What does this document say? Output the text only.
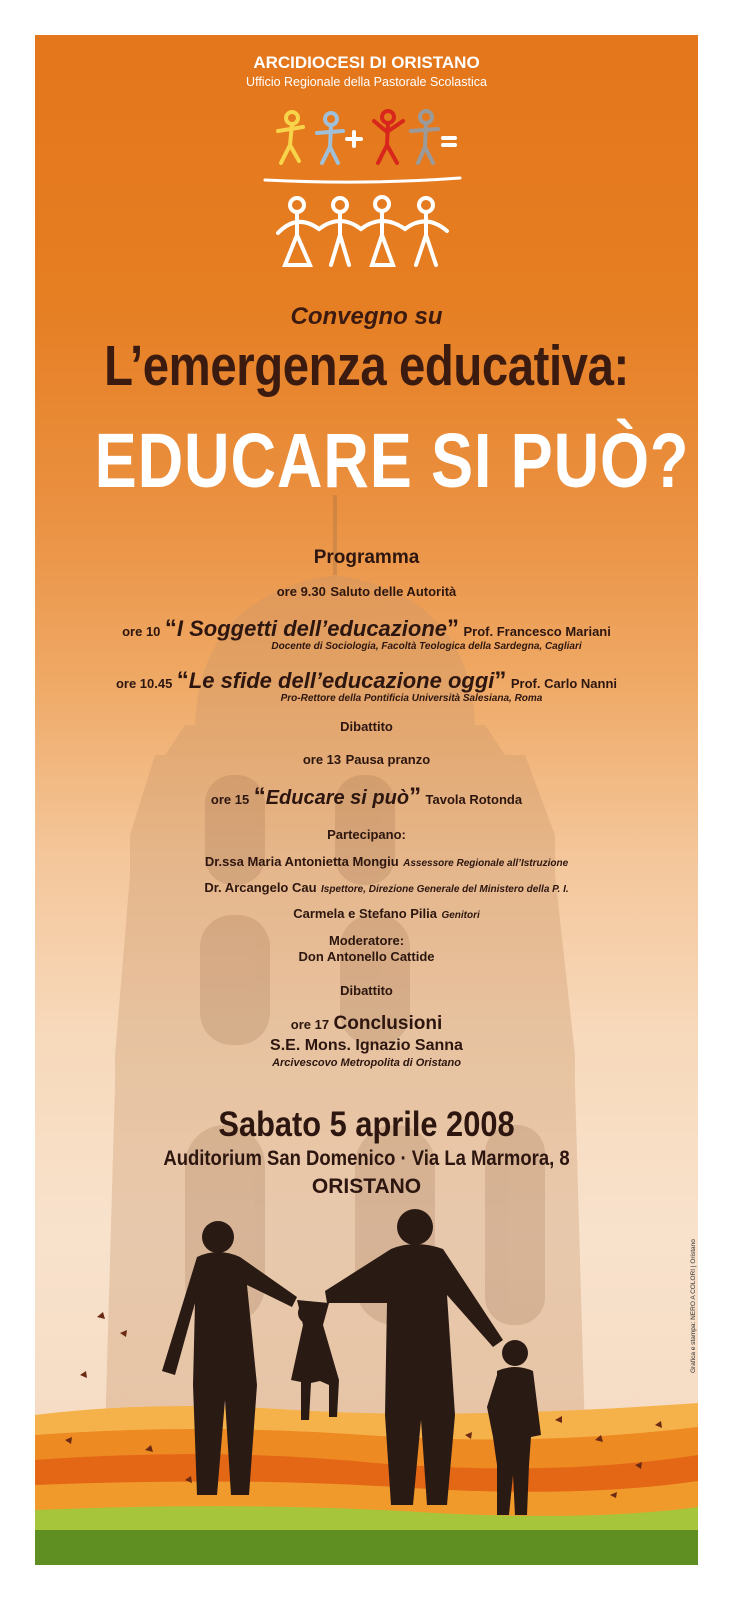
ARCIDIOCESI DI ORISTANO
Ufficio Regionale della Pastorale Scolastica
Convegno su
L’emergenza educativa:
EDUCARE SI PUÒ?
Programma
ore 9.30 Saluto delle Autorità
ore 10 “I Soggetti dell’educazione” Prof. Francesco Mariani
Docente di Sociologia, Facoltà Teologica della Sardegna, Cagliari
ore 10.45 “Le sfide dell’educazione oggi” Prof. Carlo Nanni
Pro-Rettore della Pontificia Università Salesiana, Roma
Dibattito
ore 13 Pausa pranzo
ore 15 “Educare si può” Tavola Rotonda
Partecipano:
Dr.ssa Maria Antonietta Mongiu Assessore Regionale all’Istruzione
Dr. Arcangelo Cau Ispettore, Direzione Generale del Ministero della P. I.
Carmela e Stefano Pilia Genitori
Moderatore:
Don Antonello Cattide
Dibattito
ore 17 Conclusioni
S.E. Mons. Ignazio Sanna
Arcivescovo Metropolita di Oristano
Sabato 5 aprile 2008
Auditorium San Domenico · Via La Marmora, 8
ORISTANO
Grafica e stampa: NERO A COLORI | Oristano
